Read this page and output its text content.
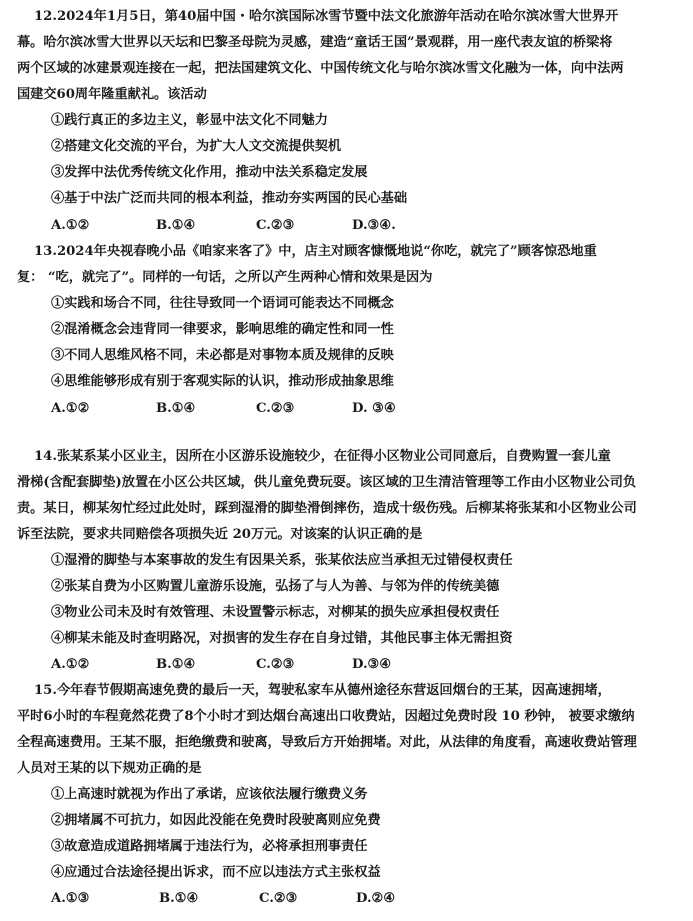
12.2024年1月5日，第40届中国・哈尔滨国际冰雪节暨中法文化旅游年活动在哈尔滨冰雪大世界开
幕。哈尔滨冰雪大世界以天坛和巴黎圣母院为灵感，建造“童话王国”景观群，用一座代表友谊的桥梁将
两个区域的冰建景观连接在一起，把法国建筑文化、中国传统文化与哈尔滨冰雪文化融为一体，向中法两
国建交60周年隆重献礼。该活动
①践行真正的多边主义，彰显中法文化不同魅力
②搭建文化交流的平台，为扩大人文交流提供契机
③发挥中法优秀传统文化作用，推动中法关系稳定发展
④基于中法广泛而共同的根本利益，推动夯实两国的民心基础
A.①②	B.①④	C.②③	D.③④.
13.2024年央视春晚小品《咱家来客了》中，店主对顾客慷慨地说“你吃，就完了”顾客惊恐地重
复： “吃，就完了”。同样的一句话，之所以产生两种心情和效果是因为
①实践和场合不同，往往导致同一个语词可能表达不同概念
②混淆概念会违背同一律要求，影响思维的确定性和同一性
③不同人思维风格不同，未必都是对事物本质及规律的反映
④思维能够形成有别于客观实际的认识，推动形成抽象思维
A.①②	B.①④	C.②③	D. ③④
14.张某系某小区业主，因所在小区游乐设施较少，在征得小区物业公司同意后，自费购置一套儿童
滑梯(含配套脚垫)放置在小区公共区域，供儿童免费玩耍。该区域的卫生清洁管理等工作由小区物业公司负
责。某日，柳某匆忙经过此处时，踩到湿滑的脚垫滑倒摔伤，造成十级伤残。后柳某将张某和小区物业公司
诉至法院，要求共同赔偿各项损失近 20万元。对该案的认识正确的是
①湿滑的脚垫与本案事故的发生有因果关系，张某依法应当承担无过错侵权责任
②张某自费为小区购置儿童游乐设施，弘扬了与人为善、与邻为伴的传统美德
③物业公司未及时有效管理、未设置警示标志，对柳某的损失应承担侵权责任
④柳某未能及时查明路况，对损害的发生存在自身过错，其他民事主体无需担资
A.①②	B.①④	C.②③	D.③④
15.今年春节假期高速免费的最后一天，驾驶私家车从德州途径东营返回烟台的王某，因高速拥堵，
平时6小时的车程竟然花费了8个小时才到达烟台高速出口收费站，因超过免费时段 10 秒钟， 被要求缴纳
全程高速费用。王某不服，拒绝缴费和驶离，导致后方开始拥堵。对此，从法律的角度看，高速收费站管理
人员对王某的以下规劝正确的是
①上高速时就视为作出了承诺，应该依法履行缴费义务
②拥堵属不可抗力，如因此没能在免费时段驶离则应免费
③故意造成道路拥堵属于违法行为，必将承担刑事责任
④应通过合法途径提出诉求，而不应以违法方式主张权益
A.①③	B.①④	C.②③	D.②④
